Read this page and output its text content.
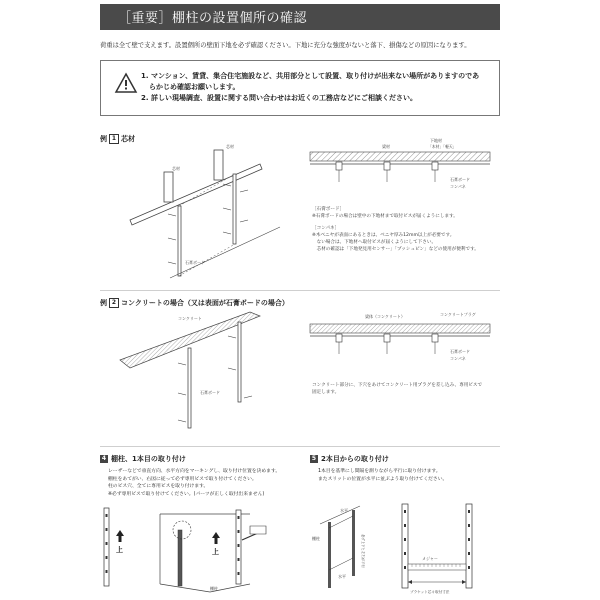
［重要］棚柱の設置個所の確認
荷重は全て壁で支えます。設置個所の壁面下地を必ず確認ください。下地に充分な強度がないと落下、損傷などの原因になります。
1. マンション、賃貸、集合住宅施設など、共用部分として設置、取り付けが出来ない場所がありますのであ
らかじめ確認お願いします。
2. 詳しい現場調査、設置に関する問い合わせはお近くの工務店などにご相談ください。
例 1 芯材
石膏ボード
芯材
芯材	梁材
下地材
「木材」「軽天」
石膏ボード
コンパネ
［石膏ボード］
※石膏ボードの場合は壁中の下地材まで取付ビスが届くようにします。
［コンパネ］
※木ベニヤが表面にあるときは、ベニヤ厚み12mm以上が必要です。
　ない場合は、下地材へ取付ビスが届くようにして下さい。
　芯材の確認は「下地発見用センサー」「プッシュピン」などの使用が便利です。
例 2 コンクリートの場合（又は表面が石膏ボードの場合）
コンクリート
石膏ボード
梁体（コンクリート）	コンクリートプラグ
石膏ボード
コンパネ
コンクリート部分に、下穴をあけてコンクリート用プラグを差し込み、専用ビスで
固定します。
4 棚柱、1本目の取り付け
レーザーなどで垂直方向、水平方向をマーキングし、取り付け位置を決めます。
棚柱をあてがい、右図に従って必ず専用ビスで取り付けてください。
柱のビス穴、全てに専用ビスを取り付けます。
※必ず専用ビスで取り付けてください。(パーツが正しく取付出来ません)
上	上
棚柱
5 2本目からの取り付け
1本目を基準にし間隔を測りながら平行に取り付けます。
またスリットの位置が水平に並ぶよう取り付けてください。
水平
水平
棚柱	必ず上下と左右が平行	メジャー
ブラケット芯々取付寸法
